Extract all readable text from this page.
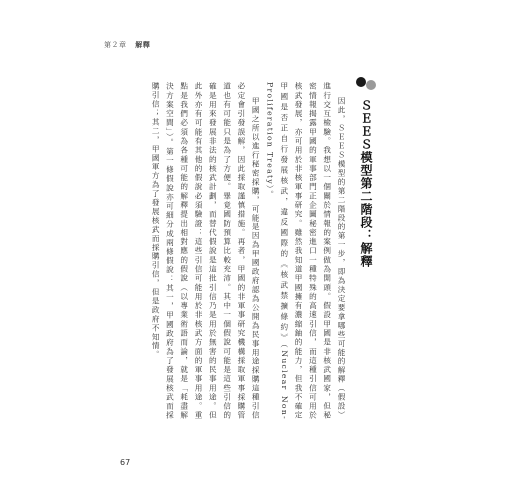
第２章 解釋
ＳＥＥＳ模型第二階段：解釋

因此，ＳＥＥＳ模型的第二階段的第一步，即為決定要拿哪些可能的解釋（假設）進行交互檢驗。我想以一個關於情報的案例做為開頭。假設甲國是非核武國家，但秘密情報揭露甲國的軍事部門正企圖秘密進口一種特殊的高速引信，而這種引信可用於核武發展，亦可用於非核軍事研究。雖然我知道甲國擁有濃縮鈾的能力，但我不確定甲國是否正自行發展核武，違反國際的《核武禁擴條約》（Nuclear Non-Proliferation Treaty）。

甲國之所以進行秘密採購，可能是因為甲國政府認為公開為民事用途採購這種引信必定會引發誤解，因此採取謹慎措施。再者，甲國的非軍事研究機構採取軍事採購管道也有可能只是為了方便。畢竟國防預算比較充沛。其中一個假說可能是這些引信的確是用來發展非法的核武計劃，而替代假說是這批引信乃是用於無害的民事用途。但此外亦有可能有其他的假說必須驗證：這些引信可能用於非核武方面的軍事用途。重點是我們必須為各種可能的解釋提出相對應的假說（以專業術語而論，就是「耗盡解決方案空間」）。第一條假說亦可細分成兩條假說：其一，甲國政府為了發展核武而採購引信；其二，甲國軍方為了發展核武而採購引信，但是政府不知情。

67
